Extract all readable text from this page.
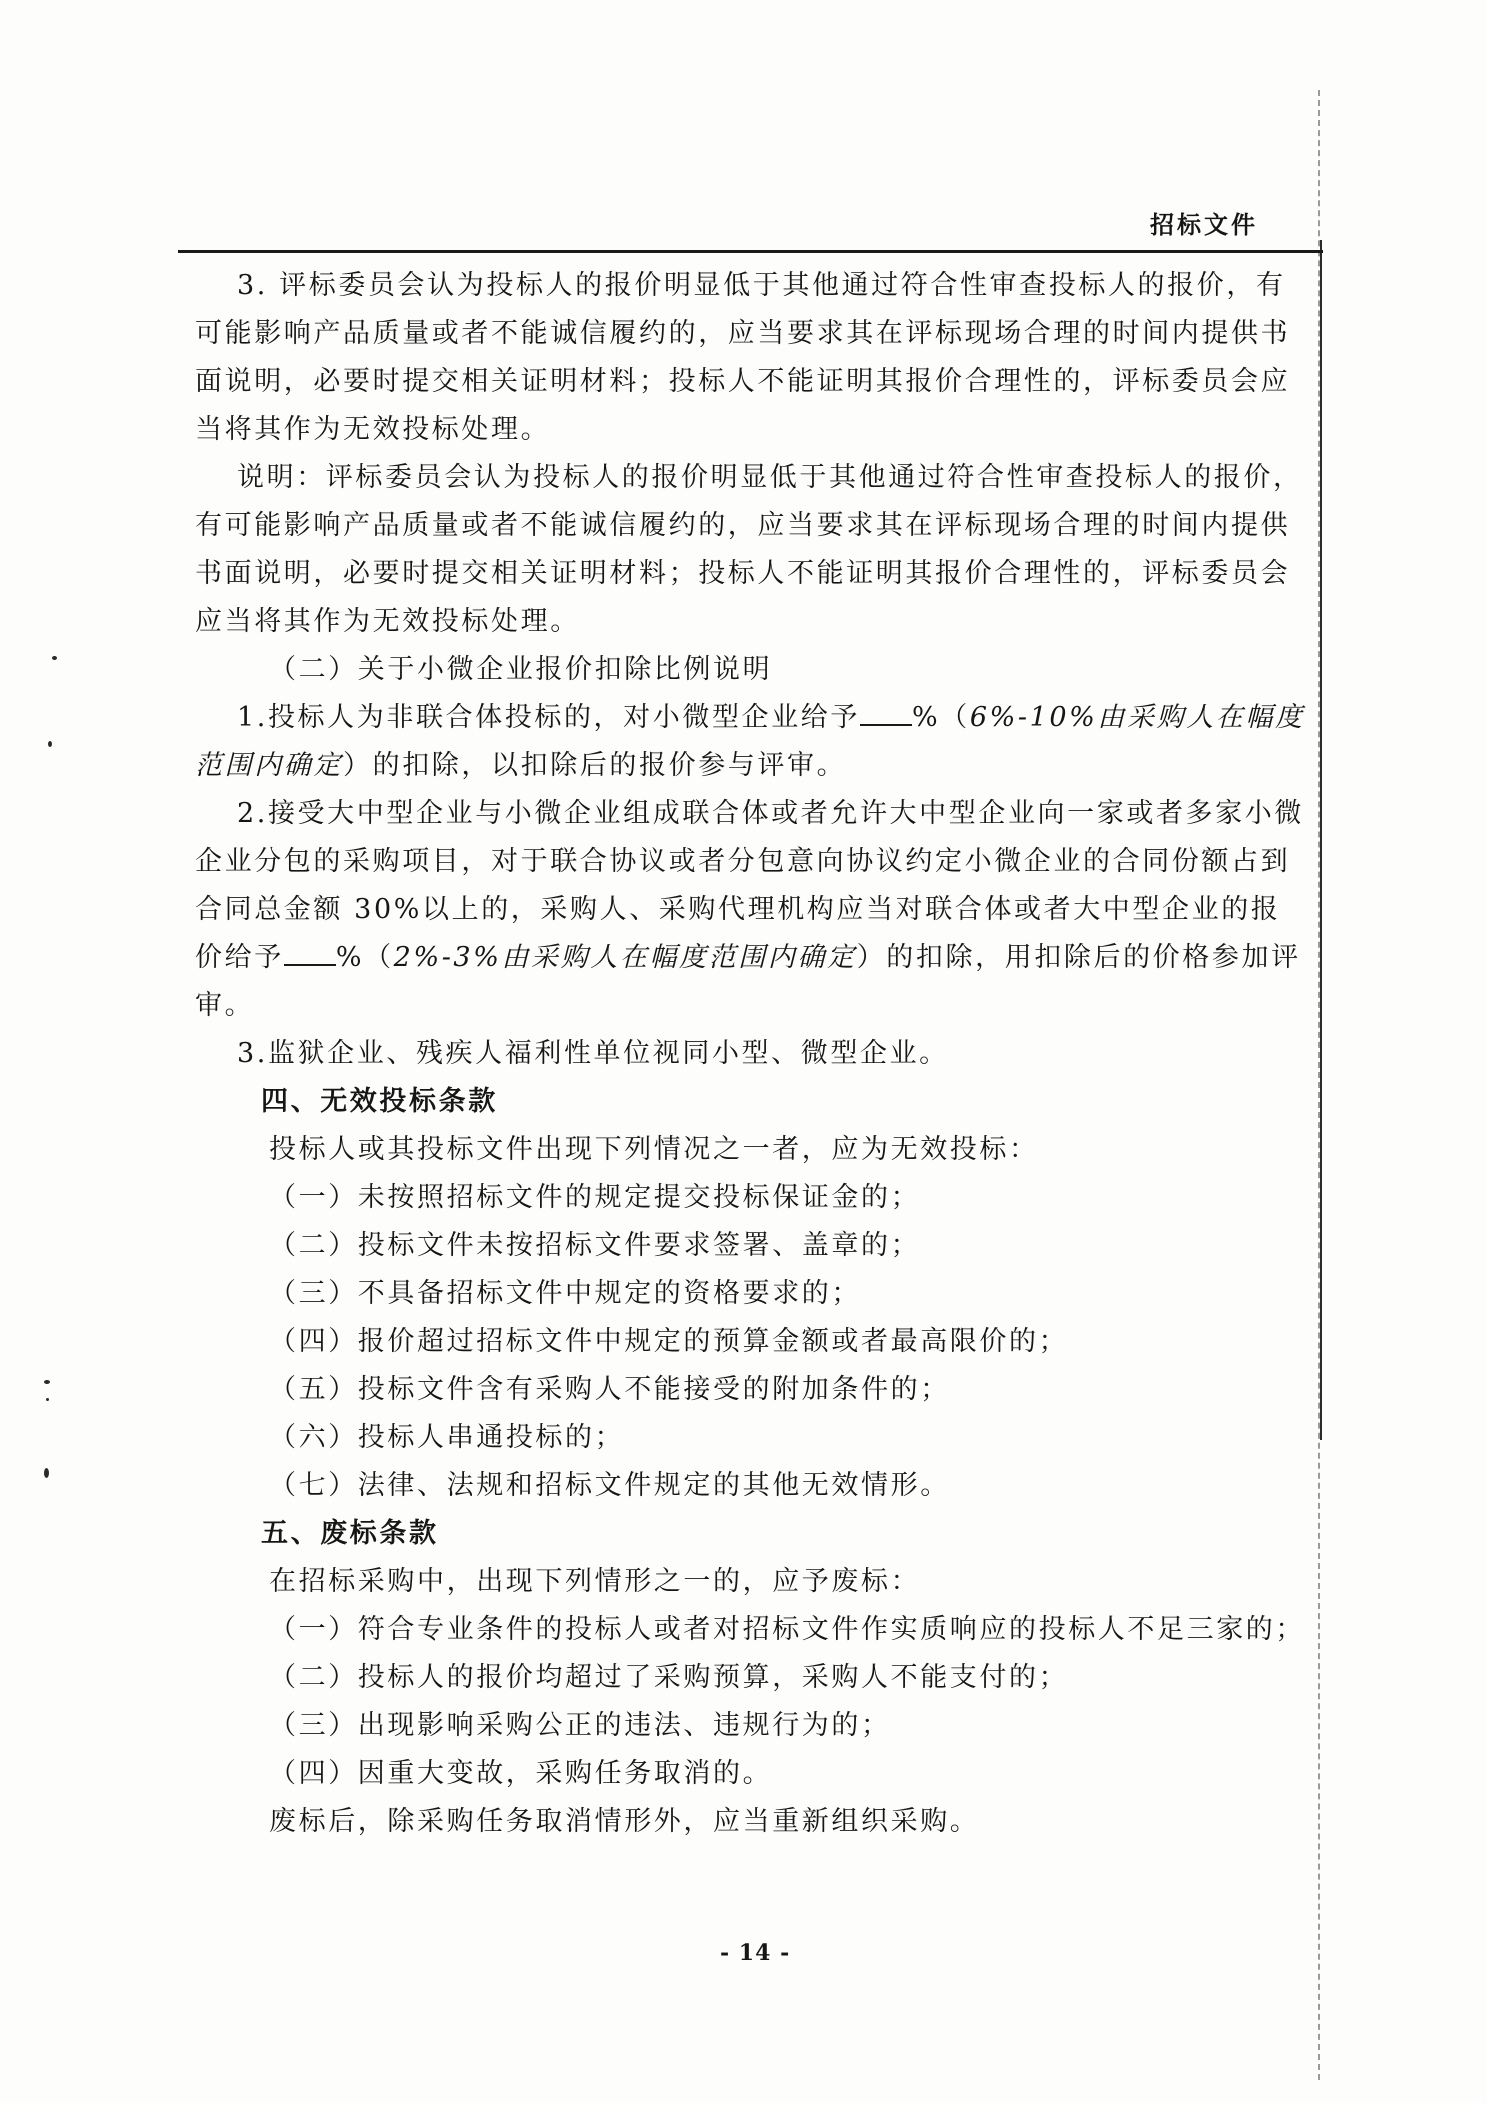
招标文件

3. 评标委员会认为投标人的报价明显低于其他通过符合性审查投标人的报价，有可能影响产品质量或者不能诚信履约的，应当要求其在评标现场合理的时间内提供书面说明，必要时提交相关证明材料；投标人不能证明其报价合理性的，评标委员会应当将其作为无效投标处理。

说明：评标委员会认为投标人的报价明显低于其他通过符合性审查投标人的报价，有可能影响产品质量或者不能诚信履约的，应当要求其在评标现场合理的时间内提供书面说明，必要时提交相关证明材料；投标人不能证明其报价合理性的，评标委员会应当将其作为无效投标处理。

（二）关于小微企业报价扣除比例说明

1.投标人为非联合体投标的，对小微型企业给予 %（6%-10%由采购人在幅度范围内确定）的扣除，以扣除后的报价参与评审。

2.接受大中型企业与小微企业组成联合体或者允许大中型企业向一家或者多家小微企业分包的采购项目，对于联合协议或者分包意向协议约定小微企业的合同份额占到合同总金额 30%以上的，采购人、采购代理机构应当对联合体或者大中型企业的报价给予 %（2%-3%由采购人在幅度范围内确定）的扣除，用扣除后的价格参加评审。

3.监狱企业、残疾人福利性单位视同小型、微型企业。

四、无效投标条款

投标人或其投标文件出现下列情况之一者，应为无效投标：

（一）未按照招标文件的规定提交投标保证金的；

（二）投标文件未按招标文件要求签署、盖章的；

（三）不具备招标文件中规定的资格要求的；

（四）报价超过招标文件中规定的预算金额或者最高限价的；

（五）投标文件含有采购人不能接受的附加条件的；

（六）投标人串通投标的；

（七）法律、法规和招标文件规定的其他无效情形。

五、废标条款

在招标采购中，出现下列情形之一的，应予废标：

（一）符合专业条件的投标人或者对招标文件作实质响应的投标人不足三家的；

（二）投标人的报价均超过了采购预算，采购人不能支付的；

（三）出现影响采购公正的违法、违规行为的；

（四）因重大变故，采购任务取消的。

废标后，除采购任务取消情形外，应当重新组织采购。

- 14 -
